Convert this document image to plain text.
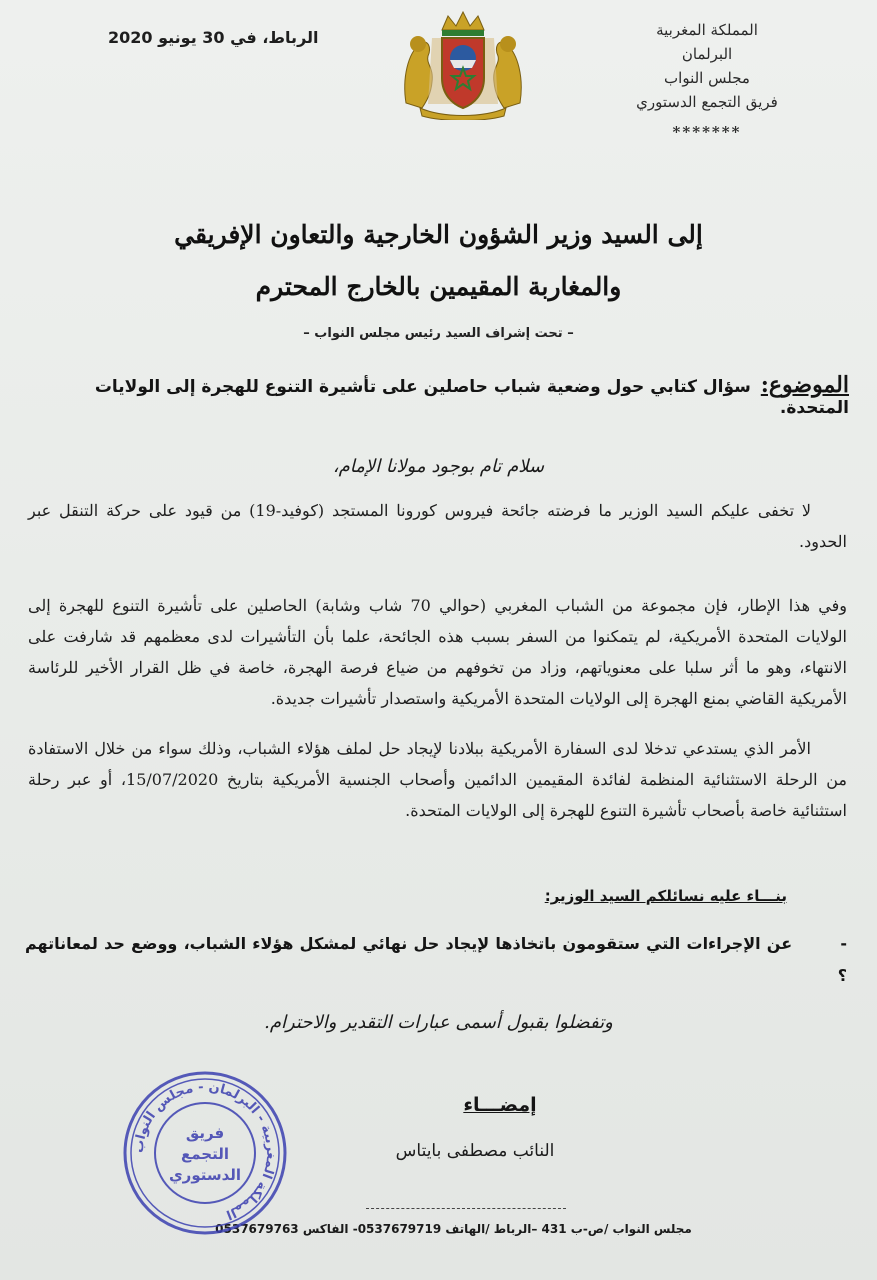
المملكة المغربية
البرلمان
مجلس النواب
فريق التجمع الدستوري
*******
الرباط، في 30 يونيو 2020
إلى السيد وزير الشؤون الخارجية والتعاون الإفريقي
والمغاربة المقيمين بالخارج المحترم
– تحت إشراف السيد رئيس مجلس النواب –
الموضوع: سؤال كتابي حول وضعية شباب حاصلين على تأشيرة التنوع للهجرة إلى الولايات المتحدة.
سلام تام بوجود مولانا الإمام،
لا تخفى عليكم السيد الوزير ما فرضته جائحة فيروس كورونا المستجد (كوفيد-19) من قيود على حركة التنقل عبر الحدود.
وفي هذا الإطار، فإن مجموعة من الشباب المغربي (حوالي 70 شاب وشابة) الحاصلين على تأشيرة التنوع للهجرة إلى الولايات المتحدة الأمريكية، لم يتمكنوا من السفر بسبب هذه الجائحة، علما بأن التأشيرات لدى معظمهم قد شارفت على الانتهاء، وهو ما أثر سلبا على معنوياتهم، وزاد من تخوفهم من ضياع فرصة الهجرة، خاصة في ظل القرار الأخير للرئاسة الأمريكية القاضي بمنع الهجرة إلى الولايات المتحدة الأمريكية واستصدار تأشيرات جديدة.
الأمر الذي يستدعي تدخلا لدى السفارة الأمريكية ببلادنا لإيجاد حل لملف هؤلاء الشباب، وذلك سواء من خلال الاستفادة من الرحلة الاستثنائية المنظمة لفائدة المقيمين الدائمين وأصحاب الجنسية الأمريكية بتاريخ 15/07/2020، أو عبر رحلة استثنائية خاصة بأصحاب تأشيرة التنوع للهجرة إلى الولايات المتحدة.
بنـــاء عليه نسائلكم السيد الوزير:
- عن الإجراءات التي ستقومون باتخاذها لإيجاد حل نهائي لمشكل هؤلاء الشباب، ووضع حد لمعاناتهم ؟
وتفضلوا بقبول أسمى عبارات التقدير والاحترام.
إمضـــاء
النائب مصطفى بايتاس
مجلس النواب /ص-ب 431 –الرباط /الهاتف 0537679719- الفاكس 0537679763
المملكة المغربية - البرلمان - مجلس النواب
فريق
التجمع
الدستوري
